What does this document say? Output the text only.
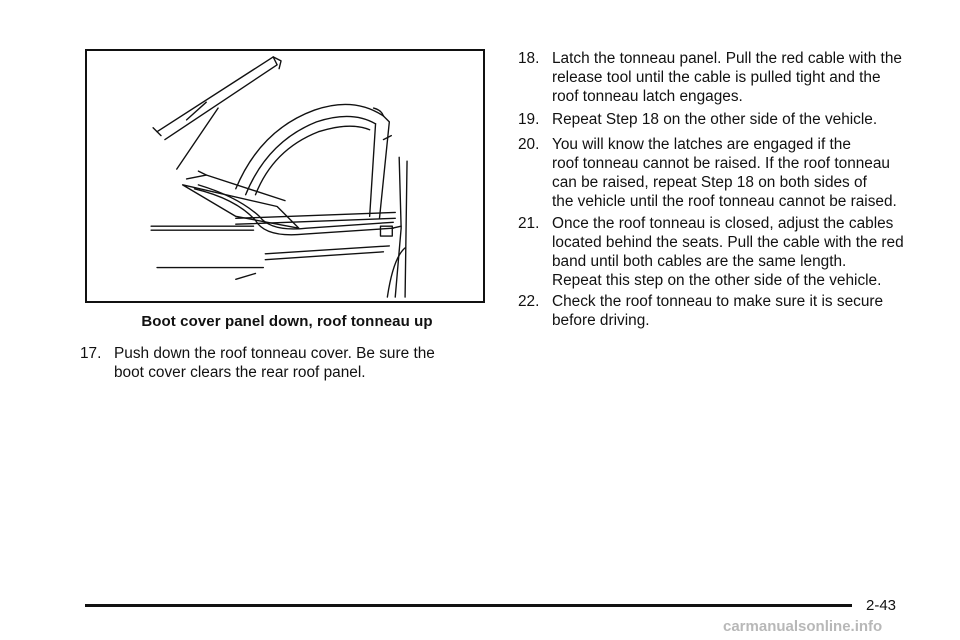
Boot cover panel down, roof tonneau up
17. Push down the roof tonneau cover. Be sure the
boot cover clears the rear roof panel.
18. Latch the tonneau panel. Pull the red cable with the
release tool until the cable is pulled tight and the
roof tonneau latch engages.
19. Repeat Step 18 on the other side of the vehicle.
20. You will know the latches are engaged if the
roof tonneau cannot be raised. If the roof tonneau
can be raised, repeat Step 18 on both sides of
the vehicle until the roof tonneau cannot be raised.
21. Once the roof tonneau is closed, adjust the cables
located behind the seats. Pull the cable with the red
band until both cables are the same length.
Repeat this step on the other side of the vehicle.
22. Check the roof tonneau to make sure it is secure
before driving.
2-43
carmanualsonline.info
